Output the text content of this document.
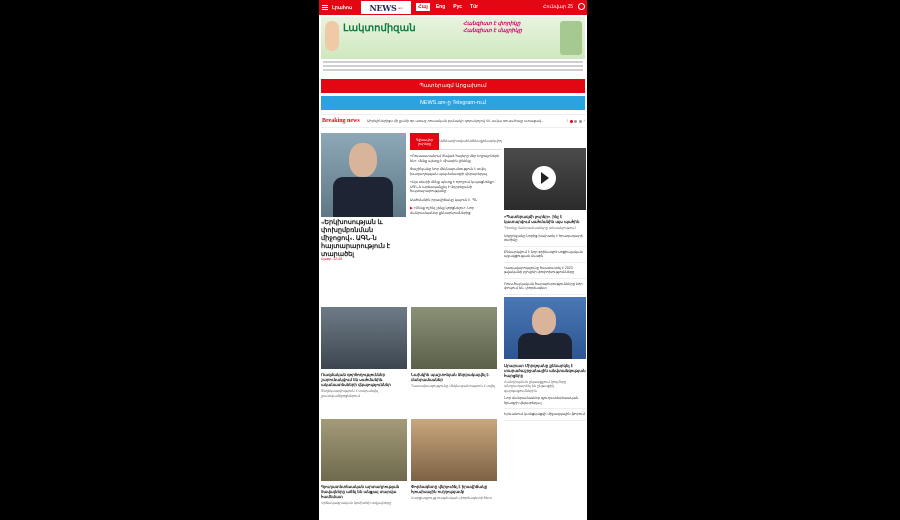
Լրահոս NEWS .am	Հայ	Eng	Рус	Tür	Հունվար 25
Լակտոմիզան	Հանգիստ է փորիկը
Հանգիստ է մայրիկը
Պատերազմ Արցախում
NEWS.am-ը Telegram-ում
Breaking news	Սիրելիներիցս մի քանի օր առաջ ռուսական բանակի զորակոչով 44 -ամյա ռուսահայը ստացավ...	‹	›
«Երկխոսության և փոխըմբռնման միջոցով». ԱԳՆ-ն հայտարարություն է տարածել
Այսօր, 12:45
Գլխավոր լուրերը
Ամենադիտված Ամենաքննարկվող
«Ռուսաստանում ծնված հայերը մեր եղբայրներն են». մենք պետք է միասին լինենք
Փաշինյանը նոր մեկնաբանություն է տվել խաղաղության պայմանագրի վերաբերյալ
«Այս տարի մենք պետք է որոշում կայացնենք». ԱԳՆ-ն արձագանքել է Ադրբեջանի հայտարարությանը
Սահմանին իրավիճակը կայուն է. ՊՆ
▶ «Մենք ոչինչ չենք կորցնելու». նոր մանրամասներ քննարկումներից
«Պատերազմի լուրեր». ինչ է կատարվում սահմանին այս պահին
Դիտեք մանրամասները տեսանյութում
Ադրբեջանը նորից խախտել է հրադադարի ռեժիմը
Քննարկվում է նոր օրինագիծ սոցիալական աջակցության մասին
Կառավարությունը հաստատել է 2023 թվականի բյուջեի փոփոխությունները
Ռուս-հայկական հարաբերությունները նոր փուլում են. փորձագետ
Արարատ Միրզոյանը քննարկել է տարածաշրջանային անվտանգության հարցերը
Հանդիպման ընթացքում կողմերը անդրադարձել են ընթացիկ զարգացումներին
Նոր մանրամասներ գյուղատնտեսական ծրագրի վերաբերյալ
Երևանում կանցկացվի միջազգային ֆորում
Ռազմական գործողություններ շարունակվում են սահմանին. ականատեսների վկայություններ
Տեղեկատվություն է տարածվել լրատվամիջոցներում
Նախկին պաշտոնյան ձերբակալվել է. մանրամասներ
Դատախազությունը մեկնաբանություն է տվել
Գյուղատնտեսական արտադրության ծավալները աճել են անցյալ տարվա համեմատ
Վիճակագրական կոմիտեի տվյալները
Փորձագետը վերլուծել է իրավիճակը հյուսիսային ուղղությամբ
Հարցազրույց ռազմական փորձագետի հետ
